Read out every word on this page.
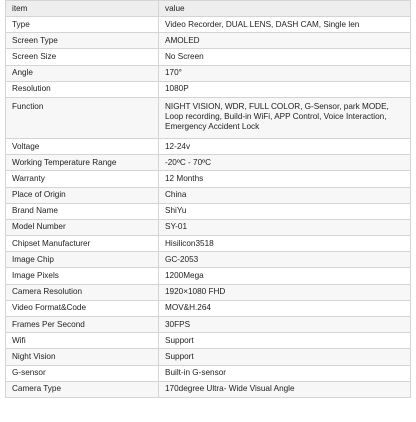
item	value
Type	Video Recorder, DUAL LENS, DASH CAM, Single len
Screen Type	AMOLED
Screen Size	No Screen
Angle	170°
Resolution	1080P
Function	NIGHT VISION, WDR, FULL COLOR, G-Sensor, park MODE, Loop recording, Build-in WiFi, APP Control, Voice Interaction, Emergency Accident Lock
Voltage	12-24v
Working Temperature Range	-20ºC - 70ºC
Warranty	12 Months
Place of Origin	China
Brand Name	ShiYu
Model Number	SY-01
Chipset Manufacturer	Hisilicon3518
Image Chip	GC-2053
Image Pixels	1200Mega
Camera Resolution	1920×1080 FHD
Video Format&Code	MOV&H.264
Frames Per Second	30FPS
Wifi	Support
Night Vision	Support
G-sensor	Built-in G-sensor
Camera Type	170degree Ultra- Wide Visual Angle
